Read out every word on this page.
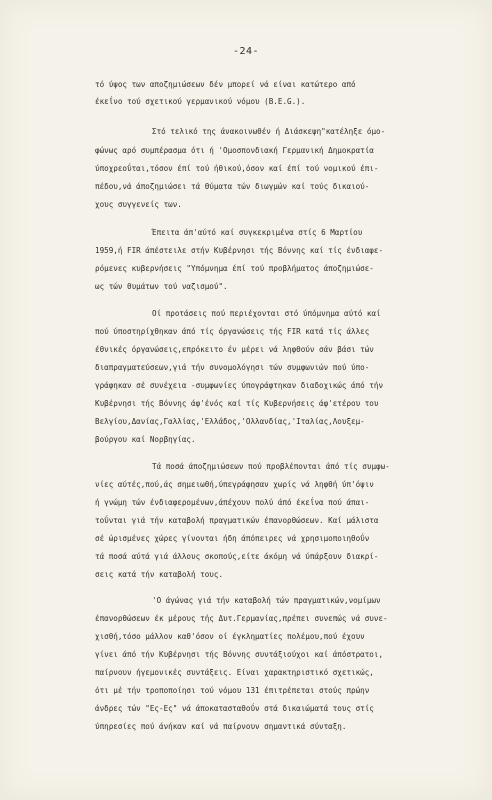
-24-
τό ύψος των αποζημιώσεων δέν μπορεί νά είναι κατώτερο από
έκεΐνο τού σχετικού γερμανικού νόμου (B.E.G.).
Στό τελικό της άνακοινωθέν ή Διάσκεψη"κατέληξε όμο-
φώνως αρό συμπέρασμα ότι ή 'Ομοσπονδιακή Γερμανική Δημοκρατία
ύποχρεοΰται,τόσον έπί τού ήθικού,όσον καί έπί τού νομικού έπι-
πέδου,νά άποζημιώσει τά θύματα τών διωγμών καί τούς δικαιού-
χους συγγενείς των.
Έπειτα άπ'αύτό καί συγκεκριμένα στίς 6 Μαρτίου
1959,ή FIR άπέστειλε στήν Κυβέρνησι τής Βόννης καί τίς ένδιαφε-
ρόμενες κυβερνήσεις "Υπόμνημα έπί τού προβλήματος άποζημιώσε-
ως τών θυμάτων τού ναζισμού".
Οί προτάσεις πού περιέχονται στό ύπόμνημα αύτό καί
πού ύποστηρίχθηκαν άπό τίς όργανώσεις τής FIR κατά τίς άλλες
έθνικές όργανώσεις,επρόκειτο έν μέρει νά ληφθούν σάν βάσι τών
διαπραγματεύσεων,γιά τήν συνομολόγησι τών συμφωνιών πού ύπο-
γράφηκαν σέ συνέχεια -συμφωνίες ύπογράφτηκαν διαδοχικώς άπό τήν
Κυβέρνησι τής Βόννης άφ'ένός καί τίς Κυβερνήσεις άφ'ετέρου του
Βελγίου,Δανίας,Γαλλίας,'Ελλάδος,'Ολλανδίας,'Ιταλίας,Λουξεμ-
βούργου καί Νορβηγίας.
Τά ποσά άποζημιώσεων πού προβλέπονται άπό τίς συμφω-
νίες αύτές,πού,άς σημειωθή,ύπεγράφησαν χωρίς νά ληφθή ύπ'όψιν
ή γνώμη τών ένδιαφερομένων,άπέχουν πολύ άπό έκεΐνα πού άπαι-
τοΰνται γιά τήν καταβολή πραγματικών έπανορθώσεων. Καί μάλιστα
σέ ώρισμένες χώρες γίνονται ήδη άπόπειρες νά χρησιμοποιηθοΰν
τά ποσά αύτά γιά άλλους σκοπούς,είτε άκόμη νά ύπάρξουν διακρί-
σεις κατά τήν καταβολή τους.
'Ο άγώνας γιά τήν καταβολή τών πραγματικών,νομίμων
έπανορθώσεων έκ μέρους τής Δυτ.Γερμανίας,πρέπει συνεπώς νά συνε-
χισθή,τόσο μάλλον καθ'όσον οί έγκληματίες πολέμου,πού έχουν
γίνει άπό τήν Κυβέρνησι τής Βόννης συντάξιούχοι καί άπόστρατοι,
παίρνουν ήγεμονικές συντάξεις. Είναι χαρακτηριστικό σχετικώς,
ότι μέ τήν τροποποίησι τού νόμου 131 έπιτρέπεται στούς πρώην
άνδρες τών "Ες-Ες" νά άποκατασταθοΰν στά δικαιώματά τους στίς
ύπηρεσίες πού άνήκαν καί νά παίρνουν σημαντικά σύνταξη.
